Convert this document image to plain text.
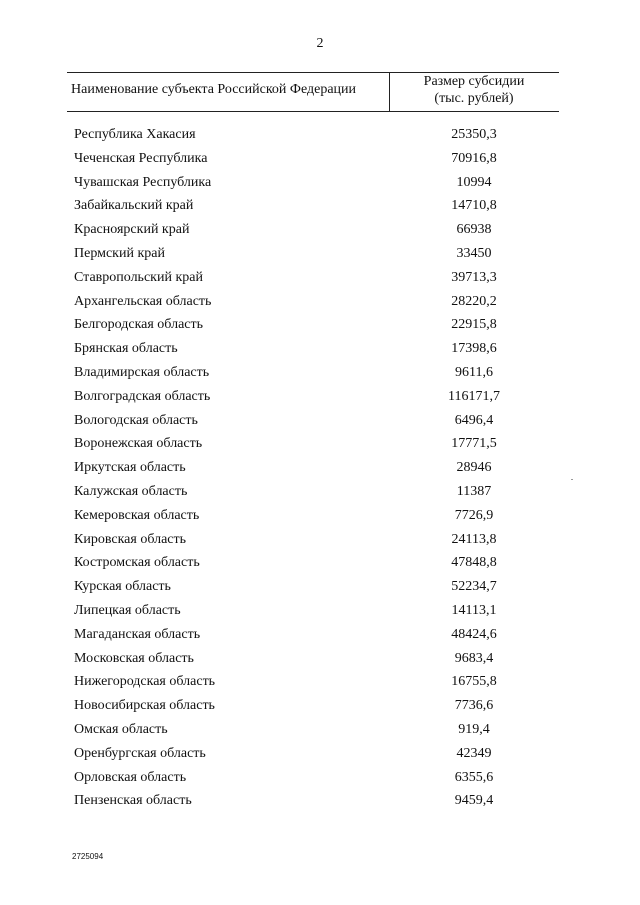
2
Наименование субъекта Российской Федерации
Размер субсидии
(тыс. рублей)
Республика Хакасия	25350,3
Чеченская Республика	70916,8
Чувашская Республика	10994
Забайкальский край	14710,8
Красноярский край	66938
Пермский край	33450
Ставропольский край	39713,3
Архангельская область	28220,2
Белгородская область	22915,8
Брянская область	17398,6
Владимирская область	9611,6
Волгоградская область	116171,7
Вологодская область	6496,4
Воронежская область	17771,5
Иркутская область	28946
Калужская область	11387
Кемеровская область	7726,9
Кировская область	24113,8
Костромская область	47848,8
Курская область	52234,7
Липецкая область	14113,1
Магаданская область	48424,6
Московская область	9683,4
Нижегородская область	16755,8
Новосибирская область	7736,6
Омская область	919,4
Оренбургская область	42349
Орловская область	6355,6
Пензенская область	9459,4
2725094
